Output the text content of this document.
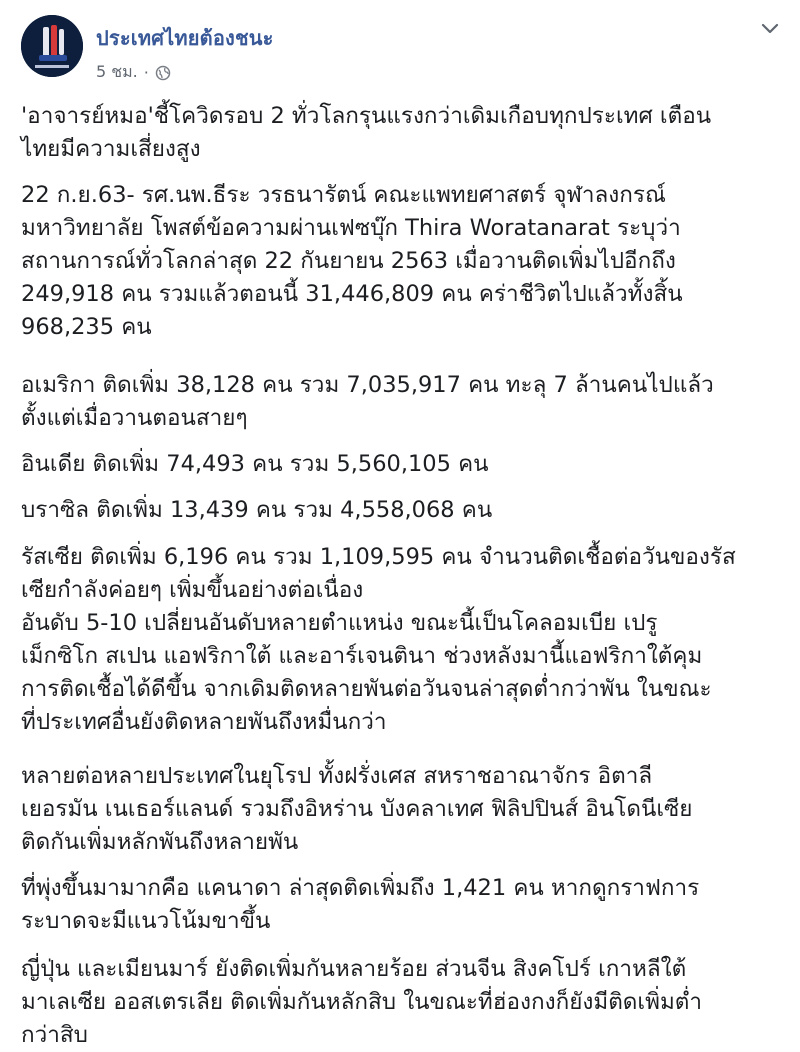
ประเทศไทยต้องชนะ
5 ชม. ·

'อาจารย์หมอ'ชี้โควิดรอบ 2 ทั่วโลกรุนแรงกว่าเดิมเกือบทุกประเทศ เตือน
ไทยมีความเสี่ยงสูง

22 ก.ย.63- รศ.นพ.ธีระ วรธนารัตน์ คณะแพทยศาสตร์ จุฬาลงกรณ์
มหาวิทยาลัย โพสต์ข้อความผ่านเฟซบุ๊ก Thira Woratanarat ระบุว่า
สถานการณ์ทั่วโลกล่าสุด 22 กันยายน 2563 เมื่อวานติดเพิ่มไปอีกถึง
249,918 คน รวมแล้วตอนนี้ 31,446,809 คน คร่าชีวิตไปแล้วทั้งสิ้น
968,235 คน

อเมริกา ติดเพิ่ม 38,128 คน รวม 7,035,917 คน ทะลุ 7 ล้านคนไปแล้ว
ตั้งแต่เมื่อวานตอนสายๆ

อินเดีย ติดเพิ่ม 74,493 คน รวม 5,560,105 คน

บราซิล ติดเพิ่ม 13,439 คน รวม 4,558,068 คน

รัสเซีย ติดเพิ่ม 6,196 คน รวม 1,109,595 คน จำนวนติดเชื้อต่อวันของรัส
เซียกำลังค่อยๆ เพิ่มขึ้นอย่างต่อเนื่อง

อันดับ 5-10 เปลี่ยนอันดับหลายตำแหน่ง ขณะนี้เป็นโคลอมเบีย เปรู
เม็กซิโก สเปน แอฟริกาใต้ และอาร์เจนตินา ช่วงหลังมานี้แอฟริกาใต้คุม
การติดเชื้อได้ดีขึ้น จากเดิมติดหลายพันต่อวันจนล่าสุดต่ำกว่าพัน ในขณะ
ที่ประเทศอื่นยังติดหลายพันถึงหมื่นกว่า

หลายต่อหลายประเทศในยุโรป ทั้งฝรั่งเศส สหราชอาณาจักร อิตาลี
เยอรมัน เนเธอร์แลนด์ รวมถึงอิหร่าน บังคลาเทศ ฟิลิปปินส์ อินโดนีเซีย
ติดกันเพิ่มหลักพันถึงหลายพัน

ที่พุ่งขึ้นมามากคือ แคนาดา ล่าสุดติดเพิ่มถึง 1,421 คน หากดูกราฟการ
ระบาดจะมีแนวโน้มขาขึ้น

ญี่ปุ่น และเมียนมาร์ ยังติดเพิ่มกันหลายร้อย ส่วนจีน สิงคโปร์ เกาหลีใต้
มาเลเซีย ออสเตรเลีย ติดเพิ่มกันหลักสิบ ในขณะที่ฮ่องกงก็ยังมีติดเพิ่มต่ำ
กว่าสิบ
